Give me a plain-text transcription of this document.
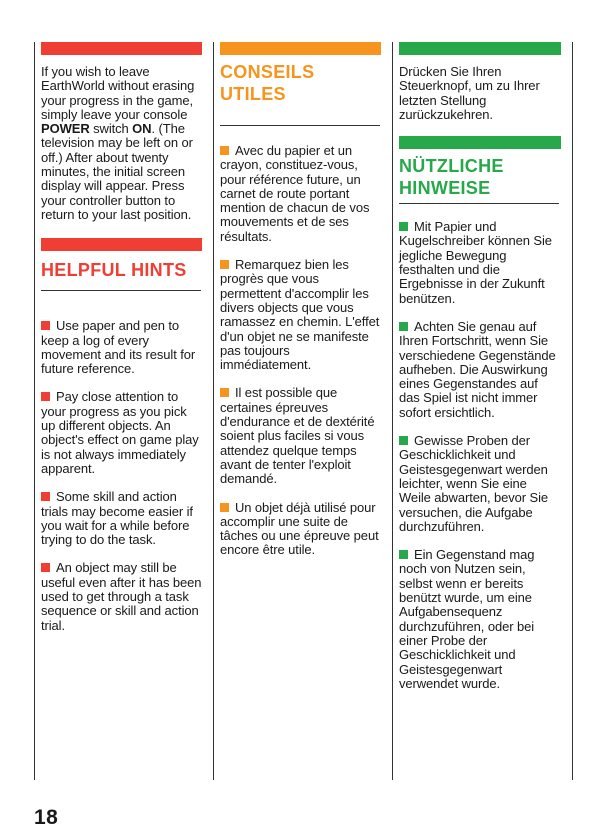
If you wish to leave EarthWorld without erasing your progress in the game, simply leave your console POWER switch ON. (The television may be left on or off.) After about twenty minutes, the initial screen display will appear. Press your controller button to return to your last position.

HELPFUL HINTS

Use paper and pen to keep a log of every movement and its result for future reference.

Pay close attention to your progress as you pick up different objects. An object's effect on game play is not always immediately apparent.

Some skill and action trials may become easier if you wait for a while before trying to do the task.

An object may still be useful even after it has been used to get through a task sequence or skill and action trial.

CONSEILS UTILES

Avec du papier et un crayon, constituez-vous, pour référence future, un carnet de route portant mention de chacun de vos mouvements et de ses résultats.

Remarquez bien les progrès que vous permettent d'accomplir les divers objects que vous ramassez en chemin. L'effet d'un objet ne se manifeste pas toujours immédiatement.

Il est possible que certaines épreuves d'endurance et de dextérité soient plus faciles si vous attendez quelque temps avant de tenter l'exploit demandé.

Un objet déjà utilisé pour accomplir une suite de tâches ou une épreuve peut encore être utile.

Drücken Sie Ihren Steuerknopf, um zu Ihrer letzten Stellung zurückzukehren.

NÜTZLICHE
HINWEISE

Mit Papier und Kugelschreiber können Sie jegliche Bewegung festhalten und die Ergebnisse in der Zukunft benützen.

Achten Sie genau auf Ihren Fortschritt, wenn Sie verschiedene Gegenstände aufheben. Die Auswirkung eines Gegenstandes auf das Spiel ist nicht immer sofort ersichtlich.

Gewisse Proben der Geschicklichkeit und Geistesgegenwart werden leichter, wenn Sie eine Weile abwarten, bevor Sie versuchen, die Aufgabe durchzuführen.

Ein Gegenstand mag noch von Nutzen sein, selbst wenn er bereits benützt wurde, um eine Aufgabensequenz durchzuführen, oder bei einer Probe der Geschicklichkeit und Geistesgegenwart verwendet wurde.

18
